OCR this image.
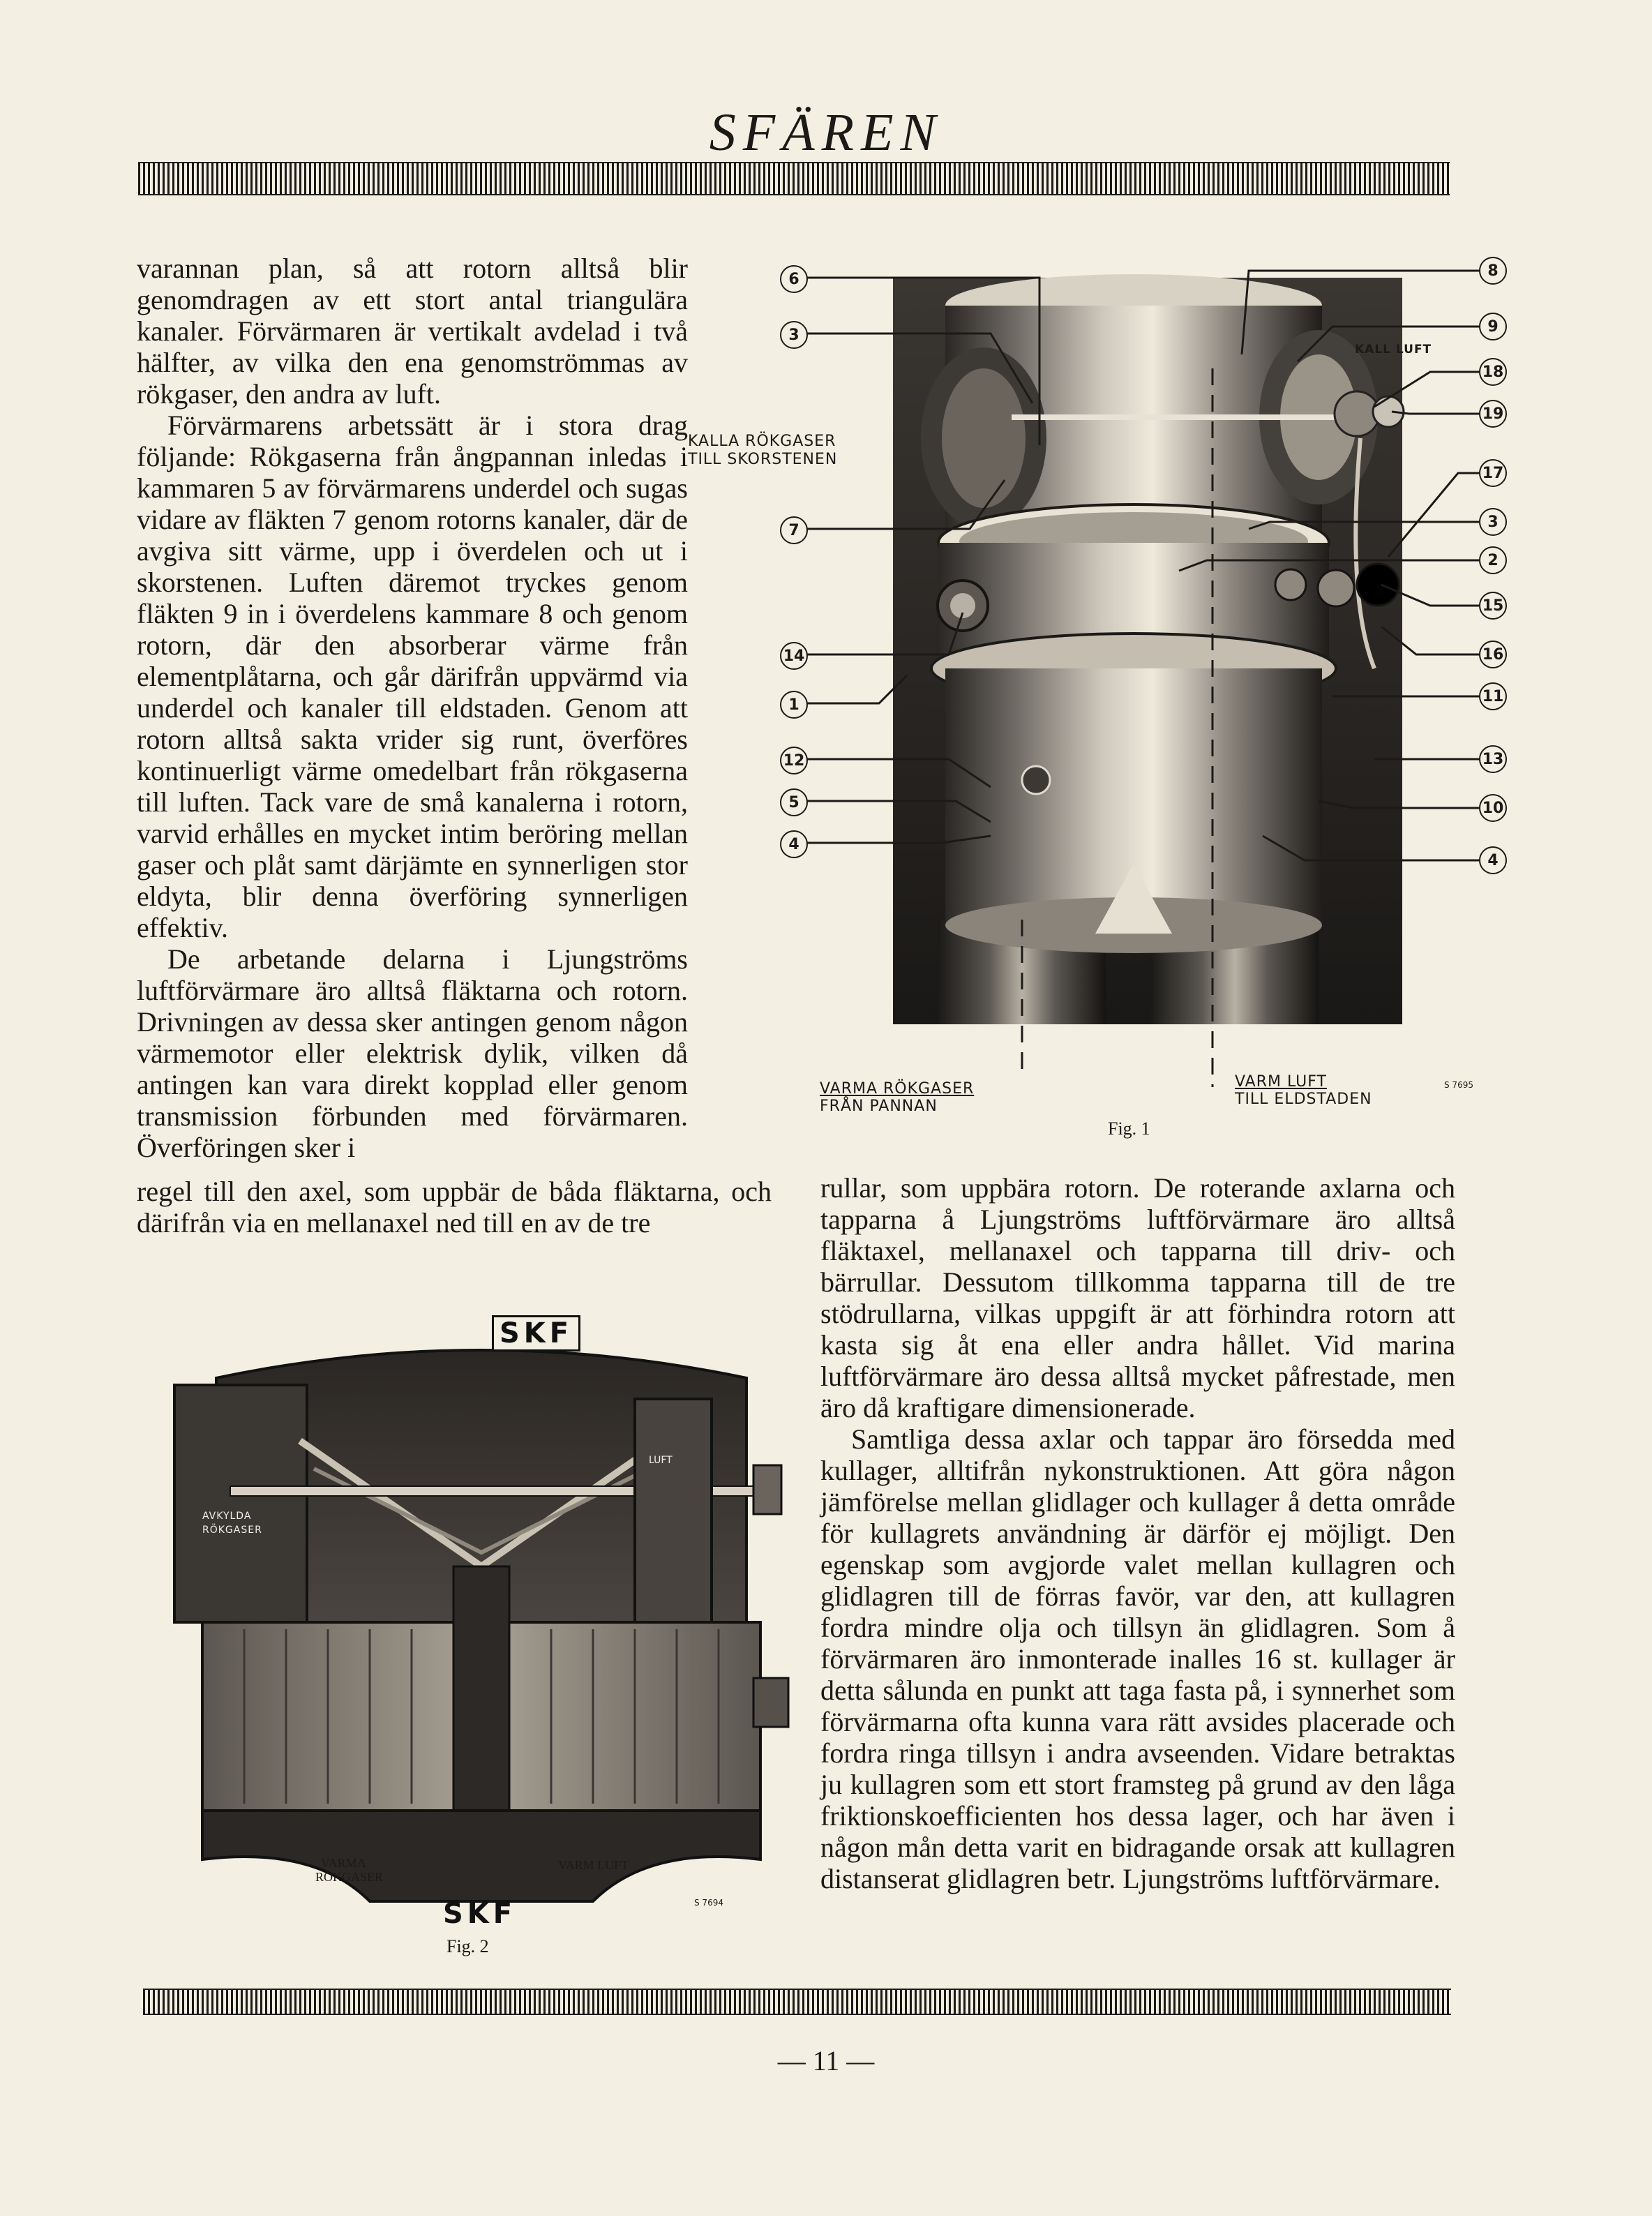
SFÄREN

varannan plan, så att rotorn alltså blir genomdragen av ett stort antal triangulära kanaler. Förvärmaren är vertikalt avdelad i två hälfter, av vilka den ena genomströmmas av rökgaser, den andra av luft.

Förvärmarens arbetssätt är i stora drag följande: Rökgaserna från ångpannan inledas i kammaren 5 av förvärmarens underdel och sugas vidare av fläkten 7 genom rotorns kanaler, där de avgiva sitt värme, upp i överdelen och ut i skorstenen. Luften däremot tryckes genom fläkten 9 in i överdelens kammare 8 och genom rotorn, där den absorberar värme från elementplåtarna, och går därifrån uppvärmd via underdel och kanaler till eldstaden. Genom att rotorn alltså sakta vrider sig runt, överföres kontinuerligt värme omedelbart från rökgaserna till luften. Tack vare de små kanalerna i rotorn, varvid erhålles en mycket intim beröring mellan gaser och plåt samt därjämte en synnerligen stor eldyta, blir denna överföring synnerligen effektiv.

De arbetande delarna i Ljungströms luftförvärmare äro alltså fläktarna och rotorn. Drivningen av dessa sker antingen genom någon värmemotor eller elektrisk dylik, vilken då antingen kan vara direkt kopplad eller genom transmission förbunden med förvärmaren. Överföringen sker i

regel till den axel, som uppbär de båda fläktarna, och därifrån via en mellanaxel ned till en av de tre

6
3
7
14
1
12
5
4
8
9
18
19
17
3
2
15
16
11
13
10
4
KALLA RÖKGASER
TILL SKORSTENEN
KALL LUFT
VARMA RÖKGASER
FRÅN PANNAN
VARM LUFT
TILL ELDSTADEN
Fig. 1
S 7695

rullar, som uppbära rotorn. De roterande axlarna och tapparna å Ljungströms luftförvärmare äro alltså fläktaxel, mellanaxel och tapparna till driv- och bärrullar. Dessutom tillkomma tapparna till de tre stödrullarna, vilkas uppgift är att förhindra rotorn att kasta sig åt ena eller andra hållet. Vid marina luftförvärmare äro dessa alltså mycket påfrestade, men äro då kraftigare dimensionerade.

Samtliga dessa axlar och tappar äro försedda med kullager, alltifrån nykonstruktionen. Att göra någon jämförelse mellan glidlager och kullager å detta område för kullagrets användning är därför ej möjligt. Den egenskap som avgjorde valet mellan kullagren och glidlagren till de förras favör, var den, att kullagren fordra mindre olja och tillsyn än glidlagren. Som å förvärmaren äro inmonterade inalles 16 st. kullager är detta sålunda en punkt att taga fasta på, i synnerhet som förvärmarna ofta kunna vara rätt avsides placerade och fordra ringa tillsyn i andra avseenden. Vidare betraktas ju kullagren som ett stort framsteg på grund av den låga friktionskoefficienten hos dessa lager, och har även i någon mån detta varit en bidragande orsak att kullagren distanserat glidlagren betr. Ljungströms luftförvärmare.

SKF
AVKYLDA
RÖKGASER
LUFT
VARMA
RÖKGASER
VARM LUFT
SKF
Fig. 2
S 7694
— 11 —
